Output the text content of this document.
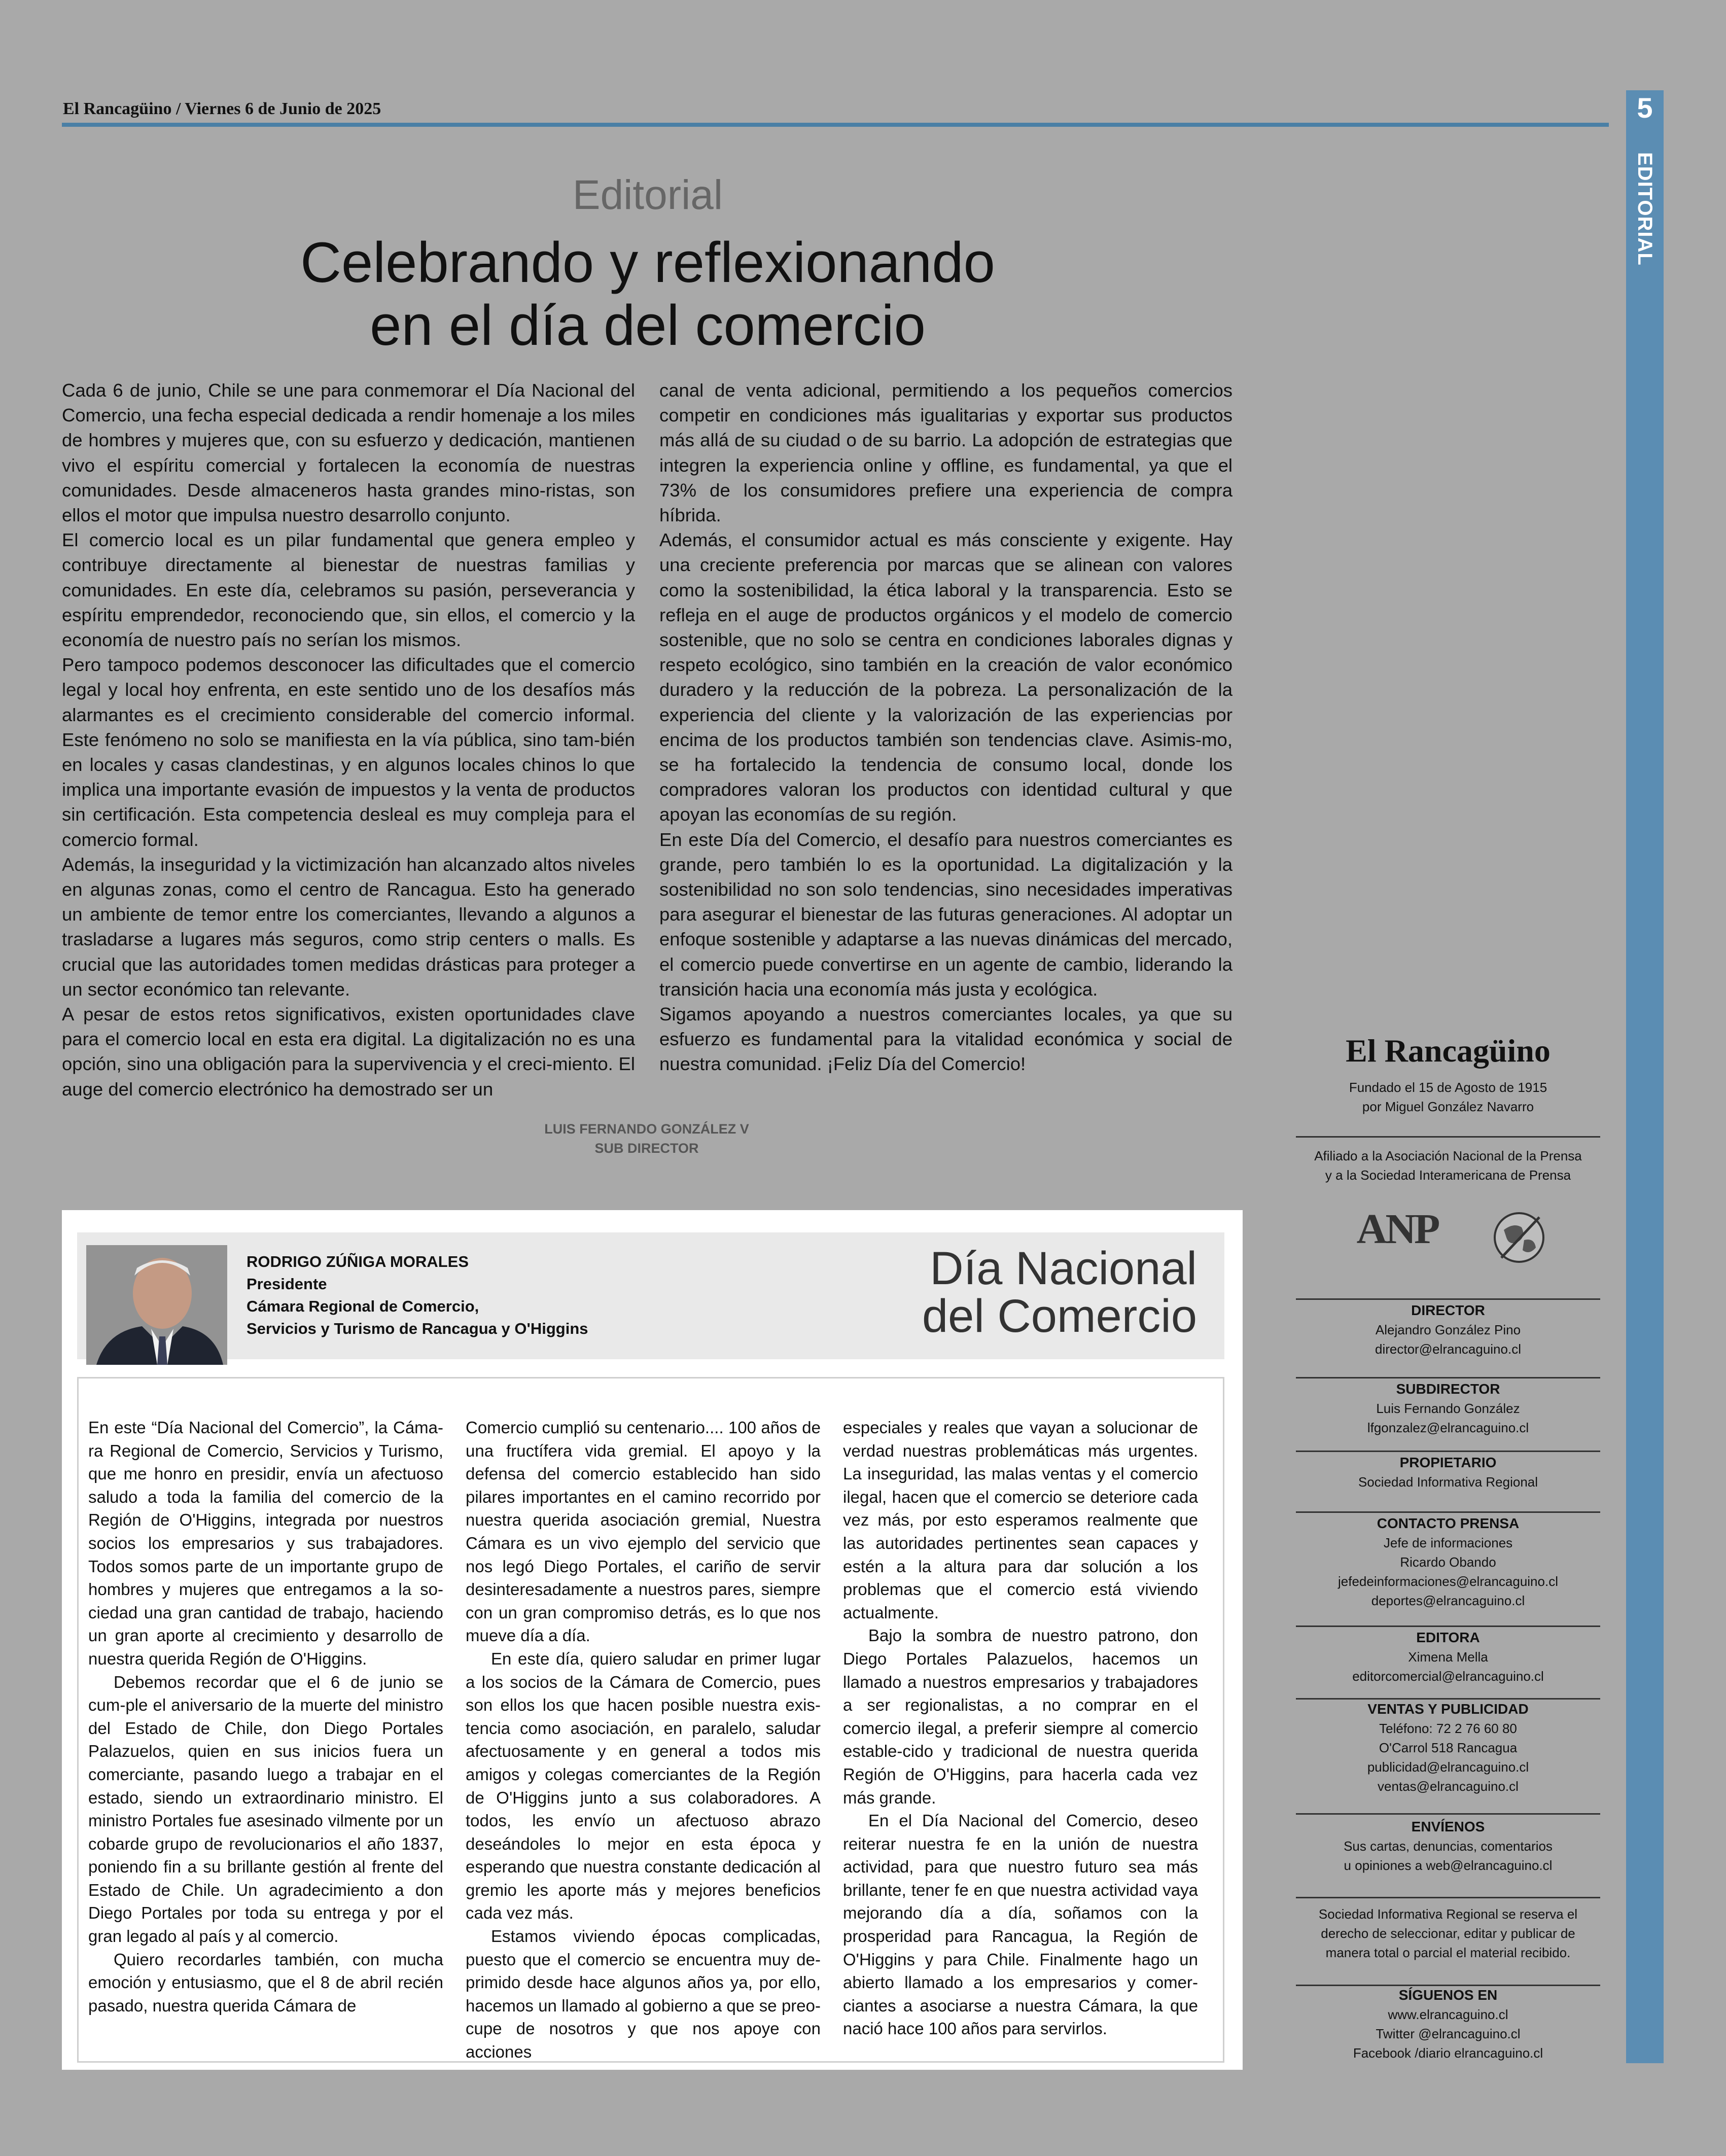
El Rancagüino / Viernes 6 de Junio de 2025	5
EDITORIAL
Editorial
Celebrando y reflexionando
en el día del comercio

Cada 6 de junio, Chile se une para conmemorar el Día Nacional del Comercio, una fecha especial dedicada a rendir homenaje a los miles de hombres y mujeres que, con su esfuerzo y dedicación, mantienen vivo el espíritu comercial y fortalecen la economía de nuestras comunidades. Desde almaceneros hasta grandes mino-ristas, son ellos el motor que impulsa nuestro desarrollo conjunto.

El comercio local es un pilar fundamental que genera empleo y contribuye directamente al bienestar de nuestras familias y comunidades. En este día, celebramos su pasión, perseverancia y espíritu emprendedor, reconociendo que, sin ellos, el comercio y la economía de nuestro país no serían los mismos.

Pero tampoco podemos desconocer las dificultades que el comercio legal y local hoy enfrenta, en este sentido uno de los desafíos más alarmantes es el crecimiento considerable del comercio informal. Este fenómeno no solo se manifiesta en la vía pública, sino tam-bién en locales y casas clandestinas, y en algunos locales chinos lo que implica una importante evasión de impuestos y la venta de productos sin certificación. Esta competencia desleal es muy compleja para el comercio formal.

Además, la inseguridad y la victimización han alcanzado altos niveles en algunas zonas, como el centro de Rancagua. Esto ha generado un ambiente de temor entre los comerciantes, llevando a algunos a trasladarse a lugares más seguros, como strip centers o malls. Es crucial que las autoridades tomen medidas drásticas para proteger a un sector económico tan relevante.

A pesar de estos retos significativos, existen oportunidades clave para el comercio local en esta era digital. La digitalización no es una opción, sino una obligación para la supervivencia y el creci-miento. El auge del comercio electrónico ha demostrado ser un

canal de venta adicional, permitiendo a los pequeños comercios competir en condiciones más igualitarias y exportar sus productos más allá de su ciudad o de su barrio. La adopción de estrategias que integren la experiencia online y offline, es fundamental, ya que el 73% de los consumidores prefiere una experiencia de compra híbrida.

Además, el consumidor actual es más consciente y exigente. Hay una creciente preferencia por marcas que se alinean con valores como la sostenibilidad, la ética laboral y la transparencia. Esto se refleja en el auge de productos orgánicos y el modelo de comercio sostenible, que no solo se centra en condiciones laborales dignas y respeto ecológico, sino también en la creación de valor económico duradero y la reducción de la pobreza. La personalización de la experiencia del cliente y la valorización de las experiencias por encima de los productos también son tendencias clave. Asimis-mo, se ha fortalecido la tendencia de consumo local, donde los compradores valoran los productos con identidad cultural y que apoyan las economías de su región.

En este Día del Comercio, el desafío para nuestros comerciantes es grande, pero también lo es la oportunidad. La digitalización y la sostenibilidad no son solo tendencias, sino necesidades imperativas para asegurar el bienestar de las futuras generaciones. Al adoptar un enfoque sostenible y adaptarse a las nuevas dinámicas del mercado, el comercio puede convertirse en un agente de cambio, liderando la transición hacia una economía más justa y ecológica.

Sigamos apoyando a nuestros comerciantes locales, ya que su esfuerzo es fundamental para la vitalidad económica y social de nuestra comunidad. ¡Feliz Día del Comercio!

LUIS FERNANDO GONZÁLEZ V
SUB DIRECTOR
RODRIGO ZÚÑIGA MORALES
Presidente
Cámara Regional de Comercio,
Servicios y Turismo de Rancagua y O'Higgins
Día Nacional
del Comercio

En este “Día Nacional del Comercio”, la Cáma-ra Regional de Comercio, Servicios y Turismo, que me honro en presidir, envía un afectuoso saludo a toda la familia del comercio de la Región de O'Higgins, integrada por nuestros socios los empresarios y sus trabajadores. Todos somos parte de un importante grupo de hombres y mujeres que entregamos a la so-ciedad una gran cantidad de trabajo, haciendo un gran aporte al crecimiento y desarrollo de nuestra querida Región de O'Higgins.

Debemos recordar que el 6 de junio se cum-ple el aniversario de la muerte del ministro del Estado de Chile, don Diego Portales Palazuelos, quien en sus inicios fuera un comerciante, pasando luego a trabajar en el estado, siendo un extraordinario ministro. El ministro Portales fue asesinado vilmente por un cobarde grupo de revolucionarios el año 1837, poniendo fin a su brillante gestión al frente del Estado de Chile. Un agradecimiento a don Diego Portales por toda su entrega y por el gran legado al país y al comercio.

Quiero recordarles también, con mucha emoción y entusiasmo, que el 8 de abril recién pasado, nuestra querida Cámara de

Comercio cumplió su centenario.... 100 años de una fructífera vida gremial. El apoyo y la defensa del comercio establecido han sido pilares importantes en el camino recorrido por nuestra querida asociación gremial, Nuestra Cámara es un vivo ejemplo del servicio que nos legó Diego Portales, el cariño de servir desinteresadamente a nuestros pares, siempre con un gran compromiso detrás, es lo que nos mueve día a día.

En este día, quiero saludar en primer lugar a los socios de la Cámara de Comercio, pues son ellos los que hacen posible nuestra exis-tencia como asociación, en paralelo, saludar afectuosamente y en general a todos mis amigos y colegas comerciantes de la Región de O'Higgins junto a sus colaboradores. A todos, les envío un afectuoso abrazo deseándoles lo mejor en esta época y esperando que nuestra constante dedicación al gremio les aporte más y mejores beneficios cada vez más.

Estamos viviendo épocas complicadas, puesto que el comercio se encuentra muy de-primido desde hace algunos años ya, por ello, hacemos un llamado al gobierno a que se preo-cupe de nosotros y que nos apoye con acciones

especiales y reales que vayan a solucionar de verdad nuestras problemáticas más urgentes. La inseguridad, las malas ventas y el comercio ilegal, hacen que el comercio se deteriore cada vez más, por esto esperamos realmente que las autoridades pertinentes sean capaces y estén a la altura para dar solución a los problemas que el comercio está viviendo actualmente.

Bajo la sombra de nuestro patrono, don Diego Portales Palazuelos, hacemos un llamado a nuestros empresarios y trabajadores a ser regionalistas, a no comprar en el comercio ilegal, a preferir siempre al comercio estable-cido y tradicional de nuestra querida Región de O'Higgins, para hacerla cada vez más grande.

En el Día Nacional del Comercio, deseo reiterar nuestra fe en la unión de nuestra actividad, para que nuestro futuro sea más brillante, tener fe en que nuestra actividad vaya mejorando día a día, soñamos con la prosperidad para Rancagua, la Región de O'Higgins y para Chile. Finalmente hago un abierto llamado a los empresarios y comer-ciantes a asociarse a nuestra Cámara, la que nació hace 100 años para servirlos.

El Rancagüino
Fundado el 15 de Agosto de 1915
por Miguel González Navarro
Afiliado a la Asociación Nacional de la Prensa
y a la Sociedad Interamericana de Prensa
ANP
DIRECTOR
Alejandro González Pino
director@elrancaguino.cl
SUBDIRECTOR
Luis Fernando González
lfgonzalez@elrancaguino.cl
PROPIETARIO
Sociedad Informativa Regional
CONTACTO PRENSA
Jefe de informaciones
Ricardo Obando
jefedeinformaciones@elrancaguino.cl
deportes@elrancaguino.cl
EDITORA
Ximena Mella
editorcomercial@elrancaguino.cl
VENTAS Y PUBLICIDAD
Teléfono: 72 2 76 60 80
O'Carrol 518 Rancagua
publicidad@elrancaguino.cl
ventas@elrancaguino.cl
ENVÍENOS
Sus cartas, denuncias, comentarios
u opiniones a web@elrancaguino.cl
Sociedad Informativa Regional se reserva el
derecho de seleccionar, editar y publicar de
manera total o parcial el material recibido.
SÍGUENOS EN
www.elrancaguino.cl
Twitter @elrancaguino.cl
Facebook /diario elrancaguino.cl
